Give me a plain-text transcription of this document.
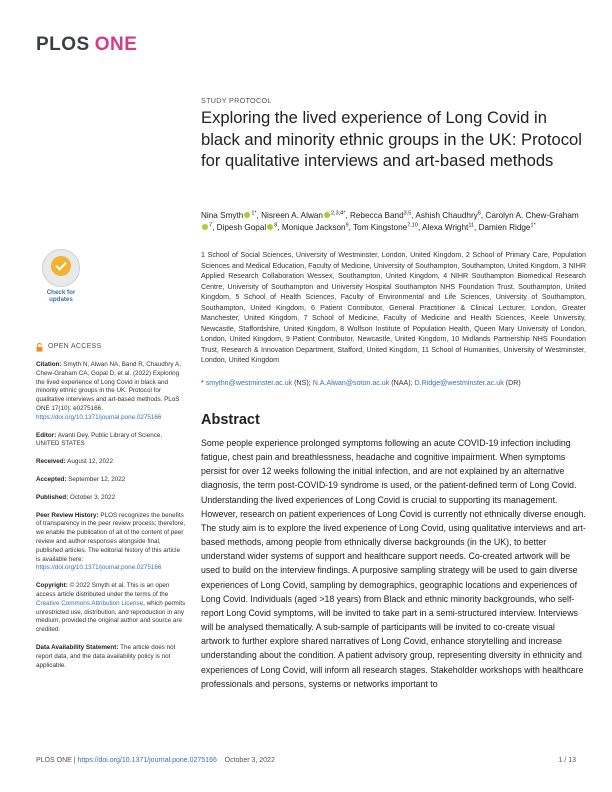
PLOS ONE
STUDY PROTOCOL
Exploring the lived experience of Long Covid in black and minority ethnic groups in the UK: Protocol for qualitative interviews and art-based methods
Nina Smyth $^{1*}$, Nisreen A. Alwan $^{2,3,4*}$, Rebecca Band$^{3,5}$, Ashish Chaudhry$^6$, Carolyn A. Chew-Graham$^7$, Dipesh Gopal $^8$, Monique Jackson$^9$, Tom Kingstone$^{7,10}$, Alexa Wright$^{11}$, Damien Ridge$^{1*}$
1 School of Social Sciences, University of Westminster, London, United Kingdom, 2 School of Primary Care, Population Sciences and Medical Education, Faculty of Medicine, University of Southampton, Southampton, United Kingdom, 3 NIHR Applied Research Collaboration Wessex, Southampton, United Kingdom, 4 NIHR Southampton Biomedical Research Centre, University of Southampton and University Hospital Southampton NHS Foundation Trust, Southampton, United Kingdom, 5 School of Health Sciences, Faculty of Environmental and Life Sciences, University of Southampton, Southampton, United Kingdom, 6 Patient Contributor, General Practitioner & Clinical Lecturer, London, Greater Manchester, United Kingdom, 7 School of Medicine, Faculty of Medicine and Health Sciences, Keele University, Newcastle, Staffordshire, United Kingdom, 8 Wolfson Institute of Population Health, Queen Mary University of London, London, United Kingdom, 9 Patient Contributor, Newcastle, United Kingdom, 10 Midlands Partnership NHS Foundation Trust, Research & Innovation Department, Stafford, United Kingdom, 11 School of Humanities, University of Westminster, London, United Kingdom
* smythn@westminster.ac.uk (NS); N.A.Alwan@soton.ac.uk (NAA); D.Ridge@westminster.ac.uk (DR)
Abstract

Some people experience prolonged symptoms following an acute COVID-19 infection including fatigue, chest pain and breathlessness, headache and cognitive impairment. When symptoms persist for over 12 weeks following the initial infection, and are not explained by an alternative diagnosis, the term post-COVID-19 syndrome is used, or the patient-defined term of Long Covid. Understanding the lived experiences of Long Covid is crucial to supporting its management. However, research on patient experiences of Long Covid is currently not ethnically diverse enough. The study aim is to explore the lived experience of Long Covid, using qualitative interviews and art-based methods, among people from ethnically diverse backgrounds (in the UK), to better understand wider systems of support and healthcare support needs. Co-created artwork will be used to build on the interview findings. A purposive sampling strategy will be used to gain diverse experiences of Long Covid, sampling by demographics, geographic locations and experiences of Long Covid. Individuals (aged >18 years) from Black and ethnic minority backgrounds, who self-report Long Covid symptoms, will be invited to take part in a semi-structured interview. Interviews will be analysed thematically. A sub-sample of participants will be invited to co-create visual artwork to further explore shared narratives of Long Covid, enhance storytelling and increase understanding about the condition. A patient advisory group, representing diversity in ethnicity and experiences of Long Covid, will inform all research stages. Stakeholder workshops with healthcare professionals and persons, systems or networks important to

Check for
updates
OPEN ACCESS

Citation: Smyth N, Alwan NA, Band R, Chaudhry A, Chew-Graham CA, Gopal D, et al. (2022) Exploring the lived experience of Long Covid in black and minority ethnic groups in the UK: Protocol for qualitative interviews and art-based methods. PLoS ONE 17(10): e0275166. https://doi.org/10.1371/journal.pone.0275166

Editor: Avanti Dey, Public Library of Science, UNITED STATES

Received: August 12, 2022

Accepted: September 12, 2022

Published: October 3, 2022

Peer Review History: PLOS recognizes the benefits of transparency in the peer review process; therefore, we enable the publication of all of the content of peer review and author responses alongside final, published articles. The editorial history of this article is available here: https://doi.org/10.1371/journal.pone.0275166

Copyright: © 2022 Smyth et al. This is an open access article distributed under the terms of the Creative Commons Attribution License, which permits unrestricted use, distribution, and reproduction in any medium, provided the original author and source are credited.

Data Availability Statement: The article does not report data, and the data availability policy is not applicable.

PLOS ONE | https://doi.org/10.1371/journal.pone.0275166 October 3, 2022	1 / 13
